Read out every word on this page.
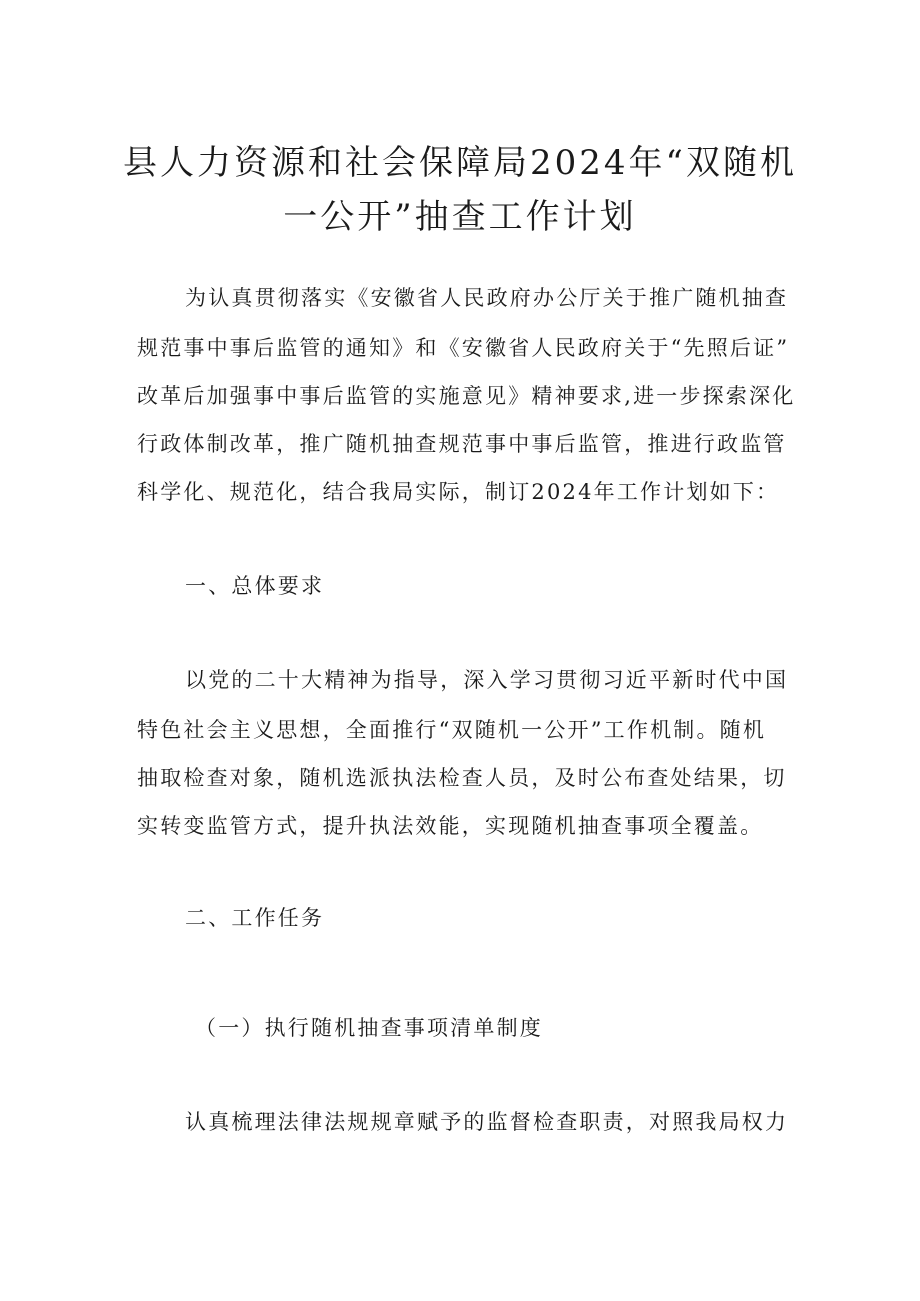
县人力资源和社会保障局2024年“双随机
一公开”抽查工作计划

为认真贯彻落实《安徽省人民政府办公厅关于推广随机抽查

规范事中事后监管的通知》和《安徽省人民政府关于“先照后证”

改革后加强事中事后监管的实施意见》精神要求,进一步探索深化

行政体制改革，推广随机抽查规范事中事后监管，推进行政监管

科学化、规范化，结合我局实际，制订2024年工作计划如下：

一、总体要求

以党的二十大精神为指导，深入学习贯彻习近平新时代中国

特色社会主义思想，全面推行“双随机一公开”工作机制。随机

抽取检查对象，随机选派执法检查人员，及时公布查处结果，切

实转变监管方式，提升执法效能，实现随机抽查事项全覆盖。

二、工作任务

（一）执行随机抽查事项清单制度

认真梳理法律法规规章赋予的监督检查职责，对照我局权力
